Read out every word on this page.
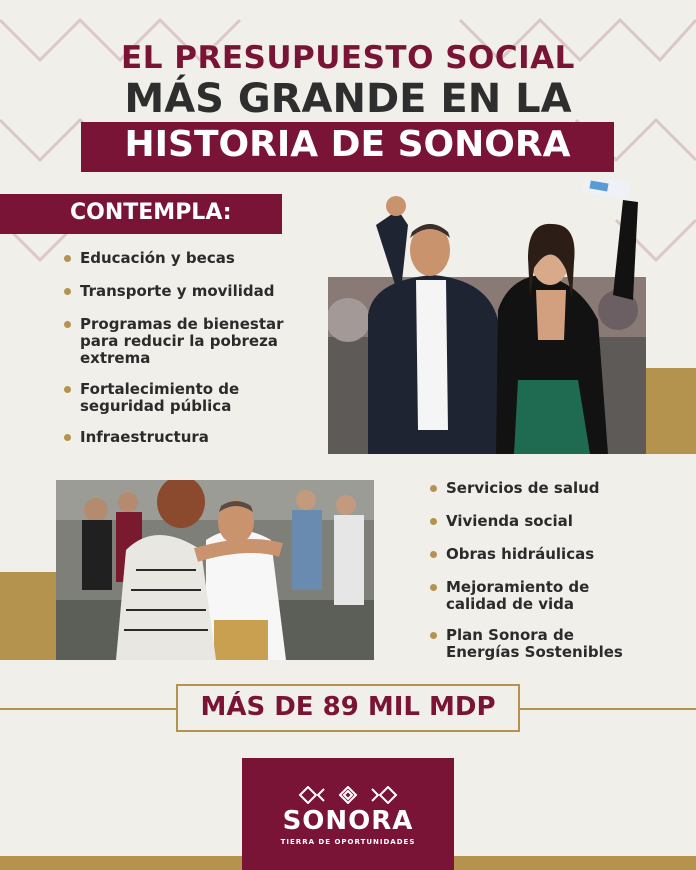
EL PRESUPUESTO SOCIAL
MÁS GRANDE EN LA
HISTORIA DE SONORA
CONTEMPLA:
Educación y becas
Transporte y movilidad
Programas de bienestar para reducir la pobreza extrema
Fortalecimiento de seguridad pública
Infraestructura
Servicios de salud
Vivienda social
Obras hidráulicas
Mejoramiento de calidad de vida
Plan Sonora de Energías Sostenibles
MÁS DE 89 MIL MDP
SONORA
TIERRA DE OPORTUNIDADES
